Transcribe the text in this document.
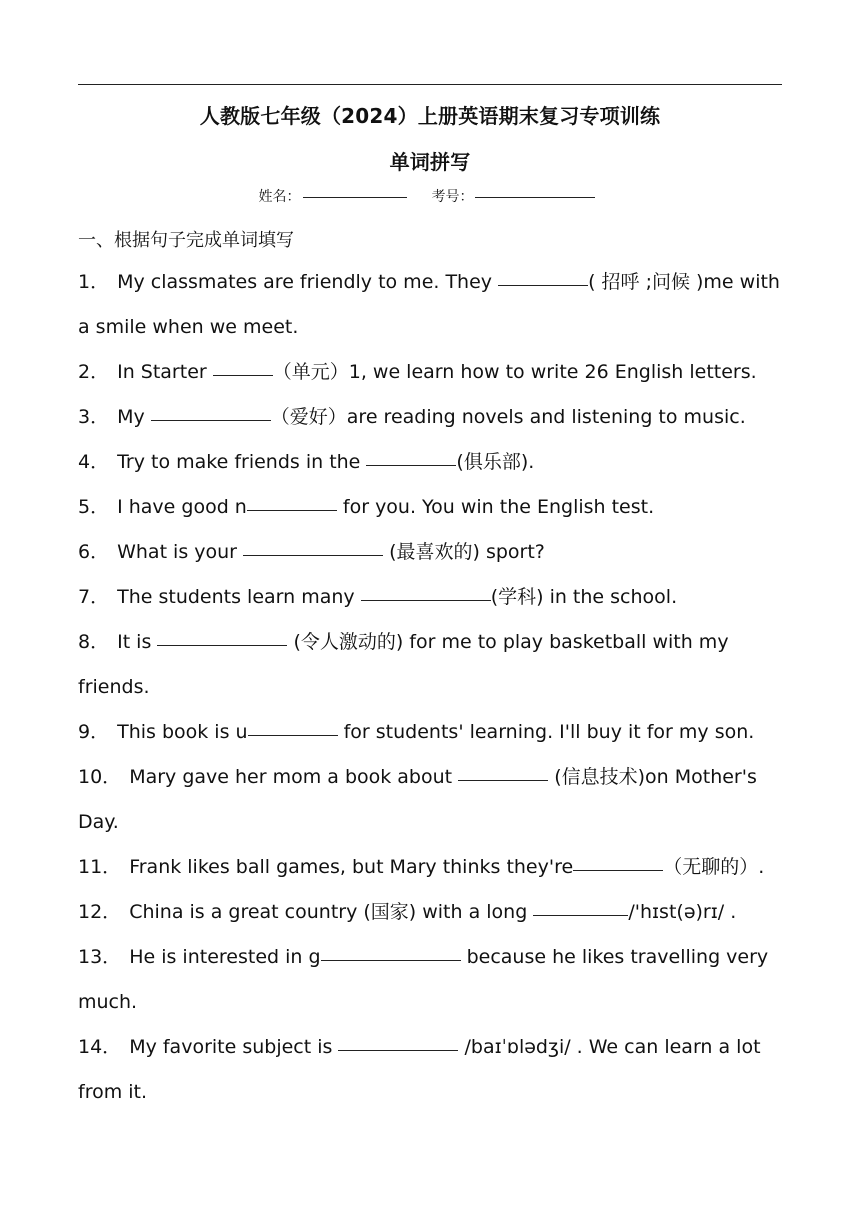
人教版七年级（2024）上册英语期末复习专项训练
单词拼写
姓名：	考号：
一、根据句子完成单词填写

1． My classmates are friendly to me. They	( 招呼 ;问候 )me with a smile when we meet.

2． In Starter	（单元）1, we learn how to write 26 English letters.

3． My	（爱好）are reading novels and listening to music.

4． Try to make friends in the	(俱乐部).

5． I have good n	for you. You win the English test.

6． What is your	(最喜欢的) sport?

7． The students learn many	(学科) in the school.

8． It is	(令人激动的) for me to play basketball with my friends.

9． This book is u	for students' learning. I'll buy it for my son.

10． Mary gave her mom a book about	(信息技术)on Mother's Day.

11． Frank likes ball games, but Mary thinks they're	（无聊的）.

12． China is a great country (国家) with a long	/'hɪst(ə)rɪ/ .

13． He is interested in g	because he likes travelling very much.

14． My favorite subject is	/baɪˈɒlədʒi/ . We can learn a lot from it.
